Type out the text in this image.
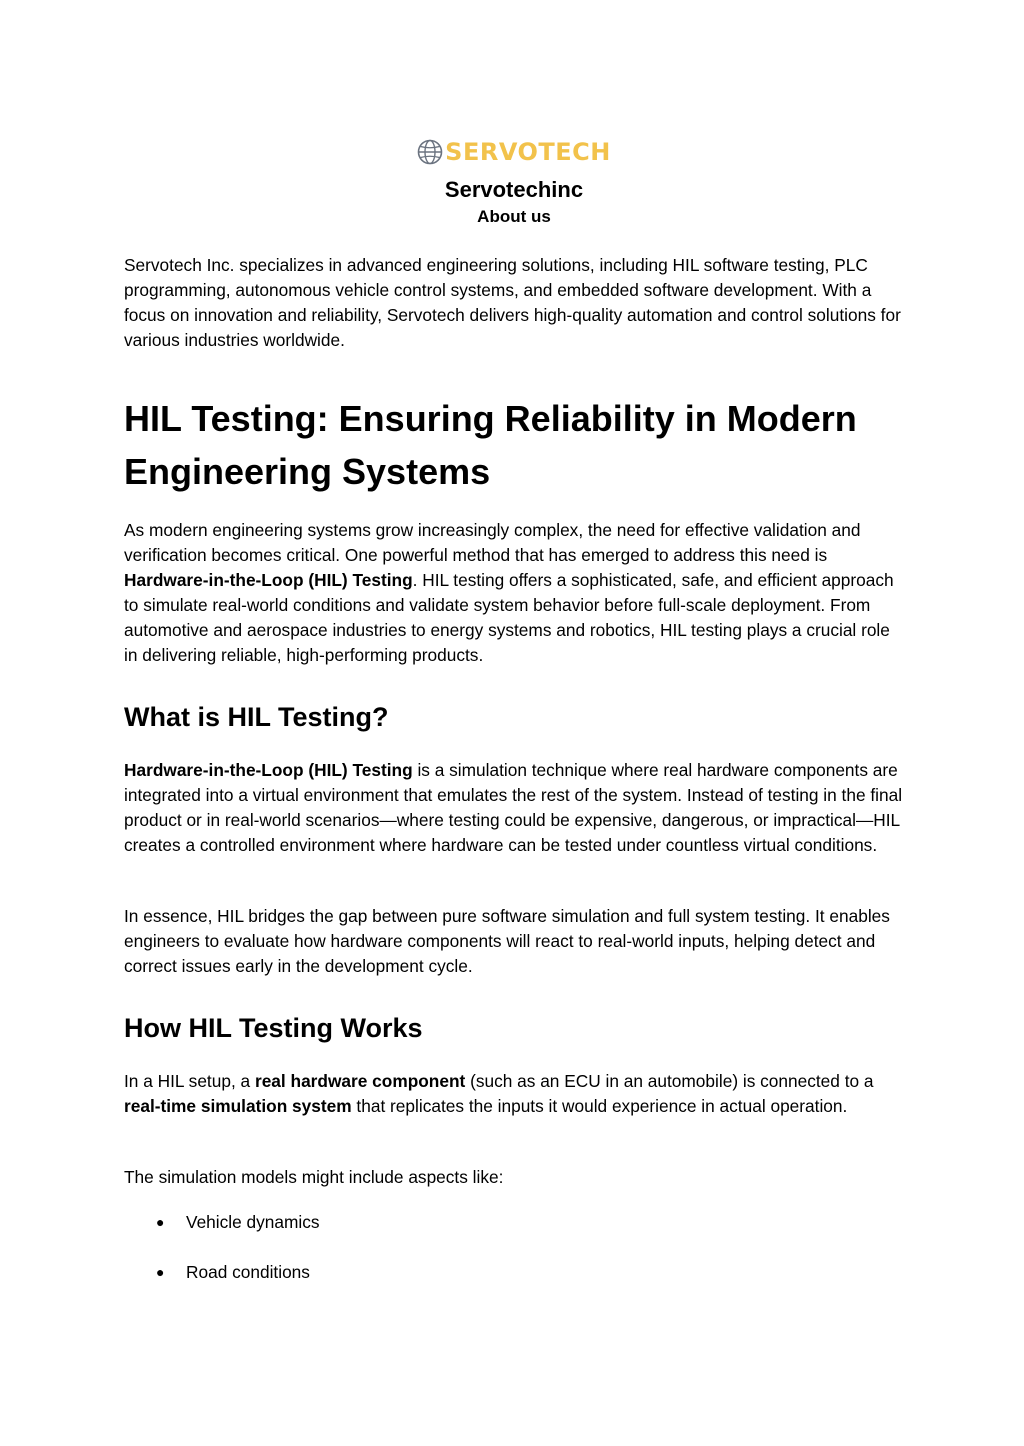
SERVOTECH
Servotechinc
About us

Servotech Inc. specializes in advanced engineering solutions, including HIL software testing, PLC programming, autonomous vehicle control systems, and embedded software development. With a focus on innovation and reliability, Servotech delivers high-quality automation and control solutions for various industries worldwide.

HIL Testing: Ensuring Reliability in Modern Engineering Systems

As modern engineering systems grow increasingly complex, the need for effective validation and verification becomes critical. One powerful method that has emerged to address this need is Hardware-in-the-Loop (HIL) Testing. HIL testing offers a sophisticated, safe, and efficient approach to simulate real-world conditions and validate system behavior before full-scale deployment. From automotive and aerospace industries to energy systems and robotics, HIL testing plays a crucial role in delivering reliable, high-performing products.

What is HIL Testing?

Hardware-in-the-Loop (HIL) Testing is a simulation technique where real hardware components are integrated into a virtual environment that emulates the rest of the system. Instead of testing in the final product or in real-world scenarios—where testing could be expensive, dangerous, or impractical—HIL creates a controlled environment where hardware can be tested under countless virtual conditions.

In essence, HIL bridges the gap between pure software simulation and full system testing. It enables engineers to evaluate how hardware components will react to real-world inputs, helping detect and correct issues early in the development cycle.

How HIL Testing Works

In a HIL setup, a real hardware component (such as an ECU in an automobile) is connected to a real-time simulation system that replicates the inputs it would experience in actual operation.

The simulation models might include aspects like:

●	Vehicle dynamics
●	Road conditions
